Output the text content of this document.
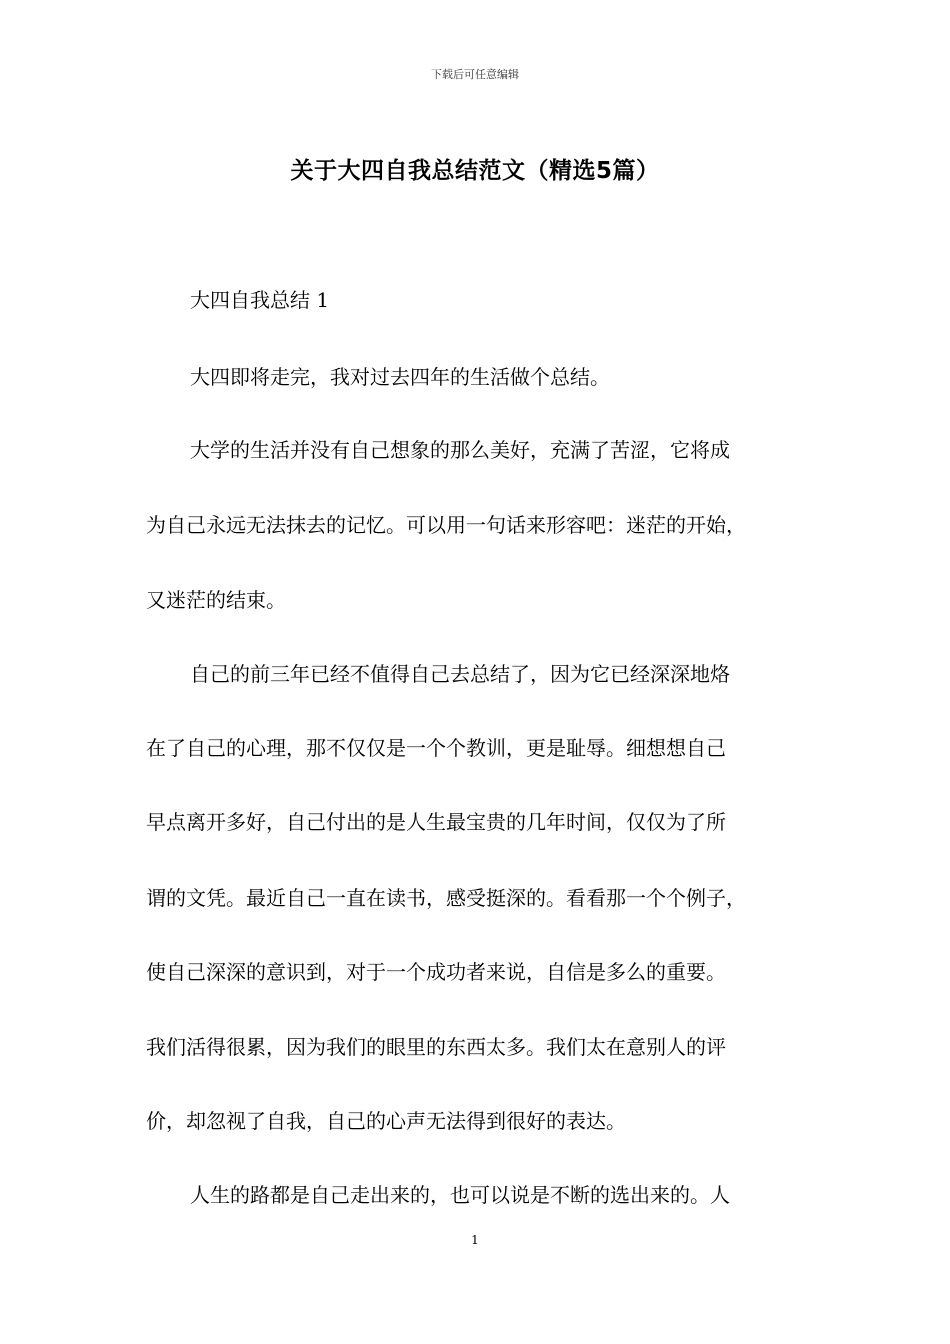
下载后可任意编辑
关于大四自我总结范文（精选5篇）
大四自我总结 1
大四即将走完，我对过去四年的生活做个总结。
大学的生活并没有自己想象的那么美好，充满了苦涩，它将成
为自己永远无法抹去的记忆。可以用一句话来形容吧：迷茫的开始，
又迷茫的结束。
自己的前三年已经不值得自己去总结了，因为它已经深深地烙
在了自己的心理，那不仅仅是一个个教训，更是耻辱。细想想自己
早点离开多好，自己付出的是人生最宝贵的几年时间，仅仅为了所
谓的文凭。最近自己一直在读书，感受挺深的。看看那一个个例子，
使自己深深的意识到，对于一个成功者来说，自信是多么的重要。
我们活得很累，因为我们的眼里的东西太多。我们太在意别人的评
价，却忽视了自我，自己的心声无法得到很好的表达。
人生的路都是自己走出来的，也可以说是不断的选出来的。人
1
